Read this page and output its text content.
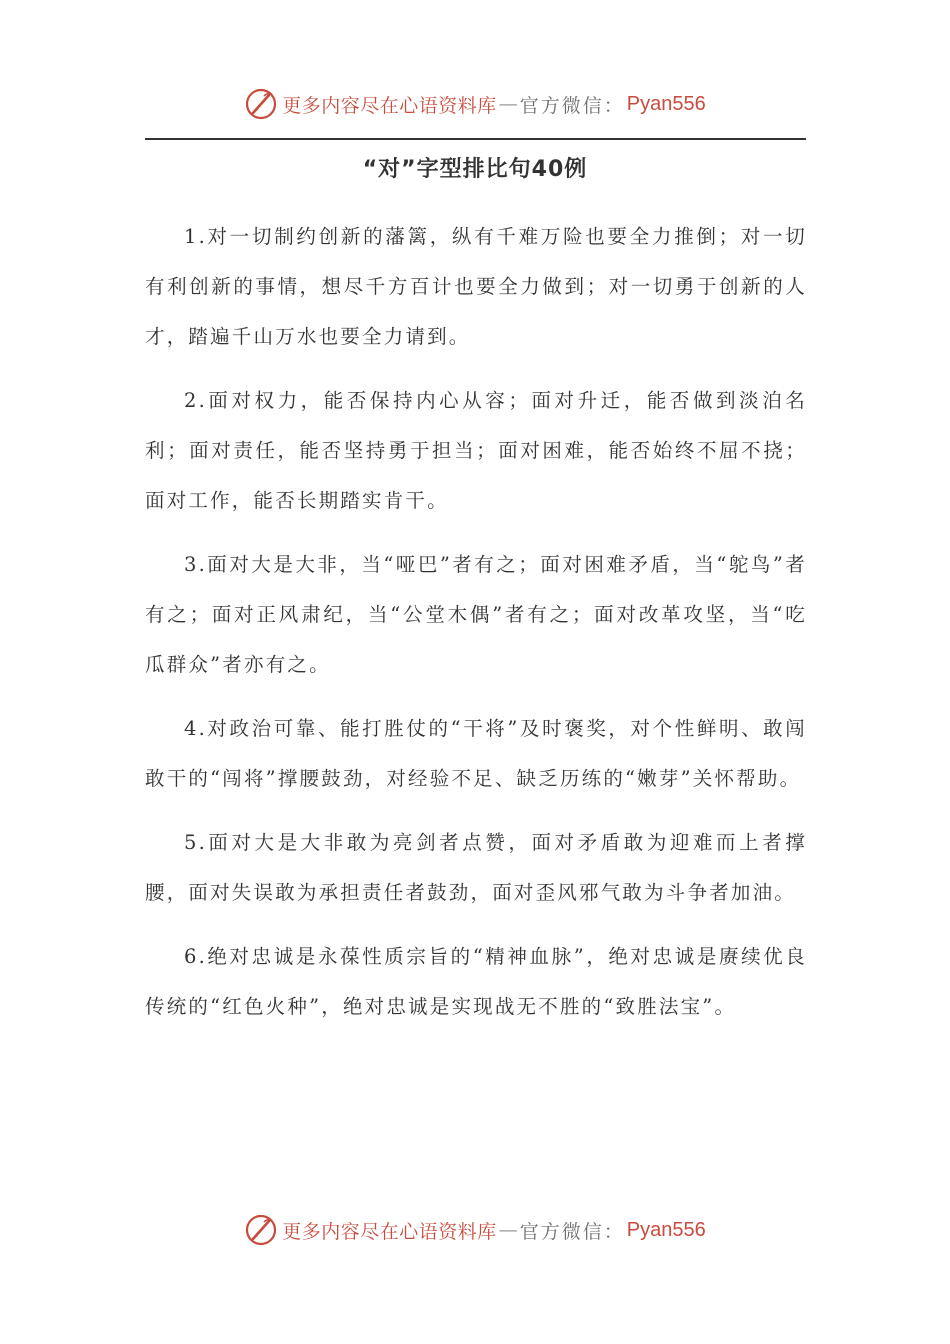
更多内容尽在心语资料库 — 官方微信： Pyan556
“对”字型排比句40例

1.对一切制约创新的藩篱，纵有千难万险也要全力推倒；对一切有利创新的事情，想尽千方百计也要全力做到；对一切勇于创新的人才，踏遍千山万水也要全力请到。

2.面对权力，能否保持内心从容；面对升迁，能否做到淡泊名利；面对责任，能否坚持勇于担当；面对困难，能否始终不屈不挠；面对工作，能否长期踏实肯干。

3.面对大是大非，当“哑巴”者有之；面对困难矛盾，当“鸵鸟”者有之；面对正风肃纪，当“公堂木偶”者有之；面对改革攻坚，当“吃瓜群众”者亦有之。

4.对政治可靠、能打胜仗的“干将”及时褒奖，对个性鲜明、敢闯敢干的“闯将”撑腰鼓劲，对经验不足、缺乏历练的“嫩芽”关怀帮助。

5.面对大是大非敢为亮剑者点赞，面对矛盾敢为迎难而上者撑腰，面对失误敢为承担责任者鼓劲，面对歪风邪气敢为斗争者加油。

6.绝对忠诚是永葆性质宗旨的“精神血脉”，绝对忠诚是赓续优良传统的“红色火种”，绝对忠诚是实现战无不胜的“致胜法宝”。

更多内容尽在心语资料库 — 官方微信： Pyan556
